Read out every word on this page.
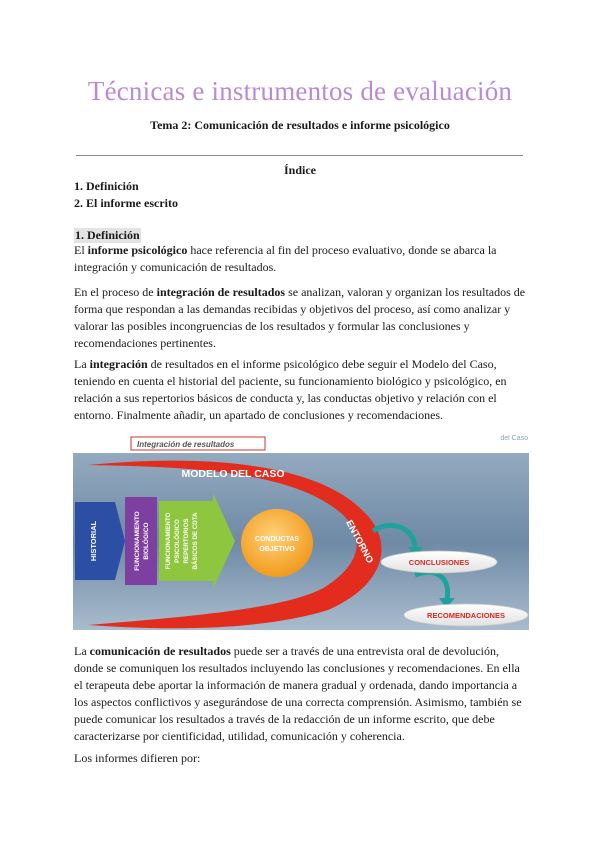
Técnicas e instrumentos de evaluación
Tema 2: Comunicación de resultados e informe psicológico
Índice
1. Definición
2. El informe escrito
1. Definición

El informe psicológico hace referencia al fin del proceso evaluativo, donde se abarca la integración y comunicación de resultados.

En el proceso de integración de resultados se analizan, valoran y organizan los resultados de forma que respondan a las demandas recibidas y objetivos del proceso, así como analizar y valorar las posibles incongruencias de los resultados y formular las conclusiones y recomendaciones pertinentes.

La integración de resultados en el informe psicológico debe seguir el Modelo del Caso, teniendo en cuenta el historial del paciente, su funcionamiento biológico y psicológico, en relación a sus repertorios básicos de conducta y, las conductas objetivo y relación con el entorno. Finalmente añadir, un apartado de conclusiones y recomendaciones.

Integración de resultados
del Caso
MODELO DEL CASO
ENTORNO
HISTORIAL	FUNCIONAMIENTO BIOLÓGICO FUNCIONAMIENTO PSICOLÓGICO REPERTORIOS BÁSICOS DE CDTA	CONDUCTAS
OBJETIVO
CONCLUSIONES
RECOMENDACIONES

La comunicación de resultados puede ser a través de una entrevista oral de devolución, donde se comuniquen los resultados incluyendo las conclusiones y recomendaciones. En ella el terapeuta debe aportar la información de manera gradual y ordenada, dando importancia a los aspectos conflictivos y asegurándose de una correcta comprensión. Asimismo, también se puede comunicar los resultados a través de la redacción de un informe escrito, que debe caracterizarse por cientificidad, utilidad, comunicación y coherencia.

Los informes difieren por:
